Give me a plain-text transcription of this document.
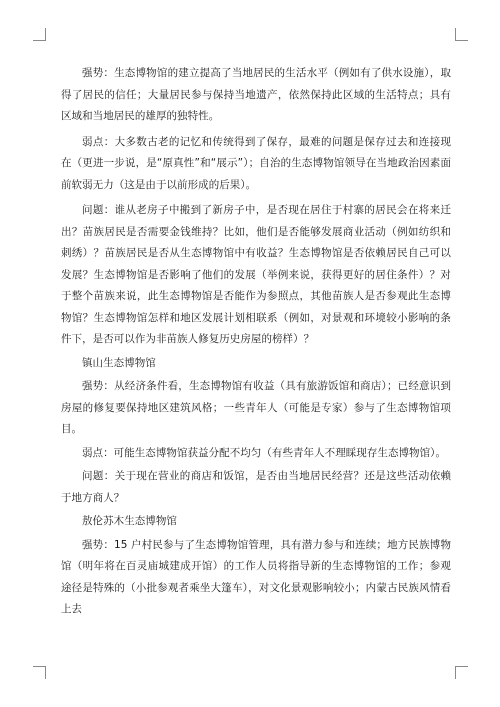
强势：生态博物馆的建立提高了当地居民的生活水平（例如有了供水设施），取得了居民的信任；大量居民参与保持当地遗产，依然保持此区域的生活特点；具有区域和当地居民的雄厚的独特性。

弱点：大多数古老的记忆和传统得到了保存，最难的问题是保存过去和连接现在（更进一步说，是“原真性”和“展示”）；自治的生态博物馆领导在当地政治因素面前软弱无力（这是由于以前形成的后果）。

问题：谁从老房子中搬到了新房子中，是否现在居住于村寨的居民会在将来迁出？苗族居民是否需要金钱维持？比如，他们是否能够发展商业活动（例如纺织和刺绣）？苗族居民是否从生态博物馆中有收益？生态博物馆是否依赖居民自己可以发展？生态博物馆是否影响了他们的发展（举例来说，获得更好的居住条件）？对于整个苗族来说，此生态博物馆是否能作为参照点，其他苗族人是否参观此生态博物馆？生态博物馆怎样和地区发展计划相联系（例如，对景观和环境较小影响的条件下，是否可以作为非苗族人修复历史房屋的榜样）？

镇山生态博物馆

强势：从经济条件看，生态博物馆有收益（具有旅游饭馆和商店）；已经意识到房屋的修复要保持地区建筑风格；一些青年人（可能是专家）参与了生态博物馆项目。

弱点：可能生态博物馆获益分配不均匀（有些青年人不理睬现存生态博物馆）。

问题：关于现在营业的商店和饭馆，是否由当地居民经营？还是这些活动依赖于地方商人？

敖伦苏木生态博物馆

强势：15 户村民参与了生态博物馆管理，具有潜力参与和连续；地方民族博物馆（明年将在百灵庙城建成开馆）的工作人员将指导新的生态博物馆的工作；参观途径是特殊的（小批参观者乘坐大篷车），对文化景观影响较小；内蒙古民族风情看上去
